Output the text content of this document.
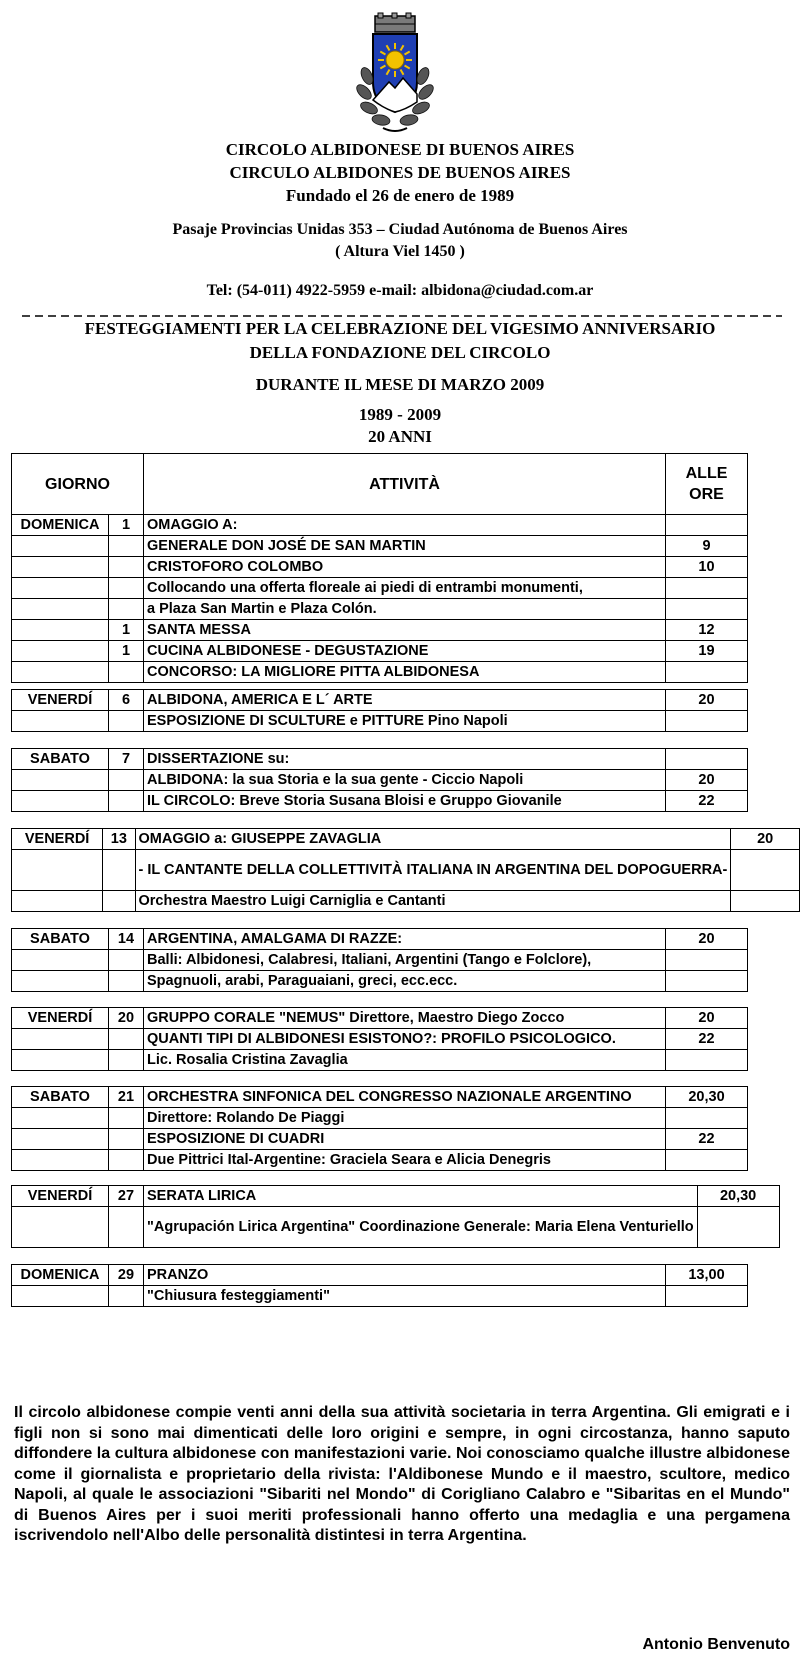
CIRCOLO ALBIDONESE DI BUENOS AIRES
CIRCULO ALBIDONES DE BUENOS AIRES
Fundado el 26 de enero de 1989
Pasaje Provincias Unidas 353 – Ciudad Autónoma de Buenos Aires
( Altura Viel 1450 )
Tel: (54-011) 4922-5959 e-mail: albidona@ciudad.com.ar
FESTEGGIAMENTI PER LA CELEBRAZIONE DEL VIGESIMO ANNIVERSARIO
DELLA FONDAZIONE DEL CIRCOLO
DURANTE IL MESE DI MARZO 2009
1989 - 2009
20 ANNI
GIORNO		ATTIVITÀ	ALLE ORE
DOMENICA	1	OMAGGIO A:	
		GENERALE DON JOSÉ DE SAN MARTIN	9
		CRISTOFORO COLOMBO	10
		Collocando una offerta floreale ai piedi di entrambi monumenti,	
		a Plaza San Martin e Plaza Colón.	
	1	SANTA MESSA	12
	1	CUCINA ALBIDONESE - DEGUSTAZIONE	19
		CONCORSO: LA MIGLIORE PITTA ALBIDONESA	
VENERDÍ	6	ALBIDONA, AMERICA E L´ ARTE	20
		ESPOSIZIONE DI SCULTURE e PITTURE Pino Napoli	
SABATO	7	DISSERTAZIONE su:	
		ALBIDONA: la sua Storia e la sua gente - Ciccio Napoli	20
		IL CIRCOLO: Breve Storia Susana Bloisi e Gruppo Giovanile	22
VENERDÍ	13	OMAGGIO a: GIUSEPPE ZAVAGLIA	20
		- IL CANTANTE DELLA COLLETTIVITÀ ITALIANA IN ARGENTINA DEL DOPOGUERRA-	
		Orchestra Maestro Luigi Carniglia e Cantanti	
SABATO	14	ARGENTINA, AMALGAMA DI RAZZE:	20
		Balli: Albidonesi, Calabresi, Italiani, Argentini (Tango e Folclore),	
		Spagnuoli, arabi, Paraguaiani, greci, ecc.ecc.	
VENERDÍ	20	GRUPPO CORALE "NEMUS" Direttore, Maestro Diego Zocco	20
		QUANTI TIPI DI ALBIDONESI ESISTONO?: PROFILO PSICOLOGICO.	22
		Lic. Rosalia Cristina Zavaglia	
SABATO	21	ORCHESTRA SINFONICA DEL CONGRESSO NAZIONALE ARGENTINO	20,30
		Direttore: Rolando De Piaggi	
		ESPOSIZIONE DI CUADRI	22
		Due Pittrici Ital-Argentine: Graciela Seara e Alicia Denegris	
VENERDÍ	27	SERATA LIRICA	20,30
		"Agrupación Lirica Argentina" Coordinazione Generale: Maria Elena Venturiello	
DOMENICA	29	PRANZO	13,00
		"Chiusura festeggiamenti"	
Il circolo albidonese compie venti anni della sua attività societaria in terra Argentina. Gli emigrati e i figli non si sono mai dimenticati delle loro origini e sempre, in ogni circostanza, hanno saputo diffondere la cultura albidonese con manifestazioni varie. Noi conosciamo qualche illustre albidonese come il giornalista e proprietario della rivista: l'Aldibonese Mundo e il maestro, scultore, medico Napoli, al quale le associazioni "Sibariti nel Mondo" di Corigliano Calabro e "Sibaritas en el Mundo" di Buenos Aires per i suoi meriti professionali hanno offerto una medaglia e una pergamena iscrivendolo nell'Albo delle personalità distintesi in terra Argentina.
Antonio Benvenuto
